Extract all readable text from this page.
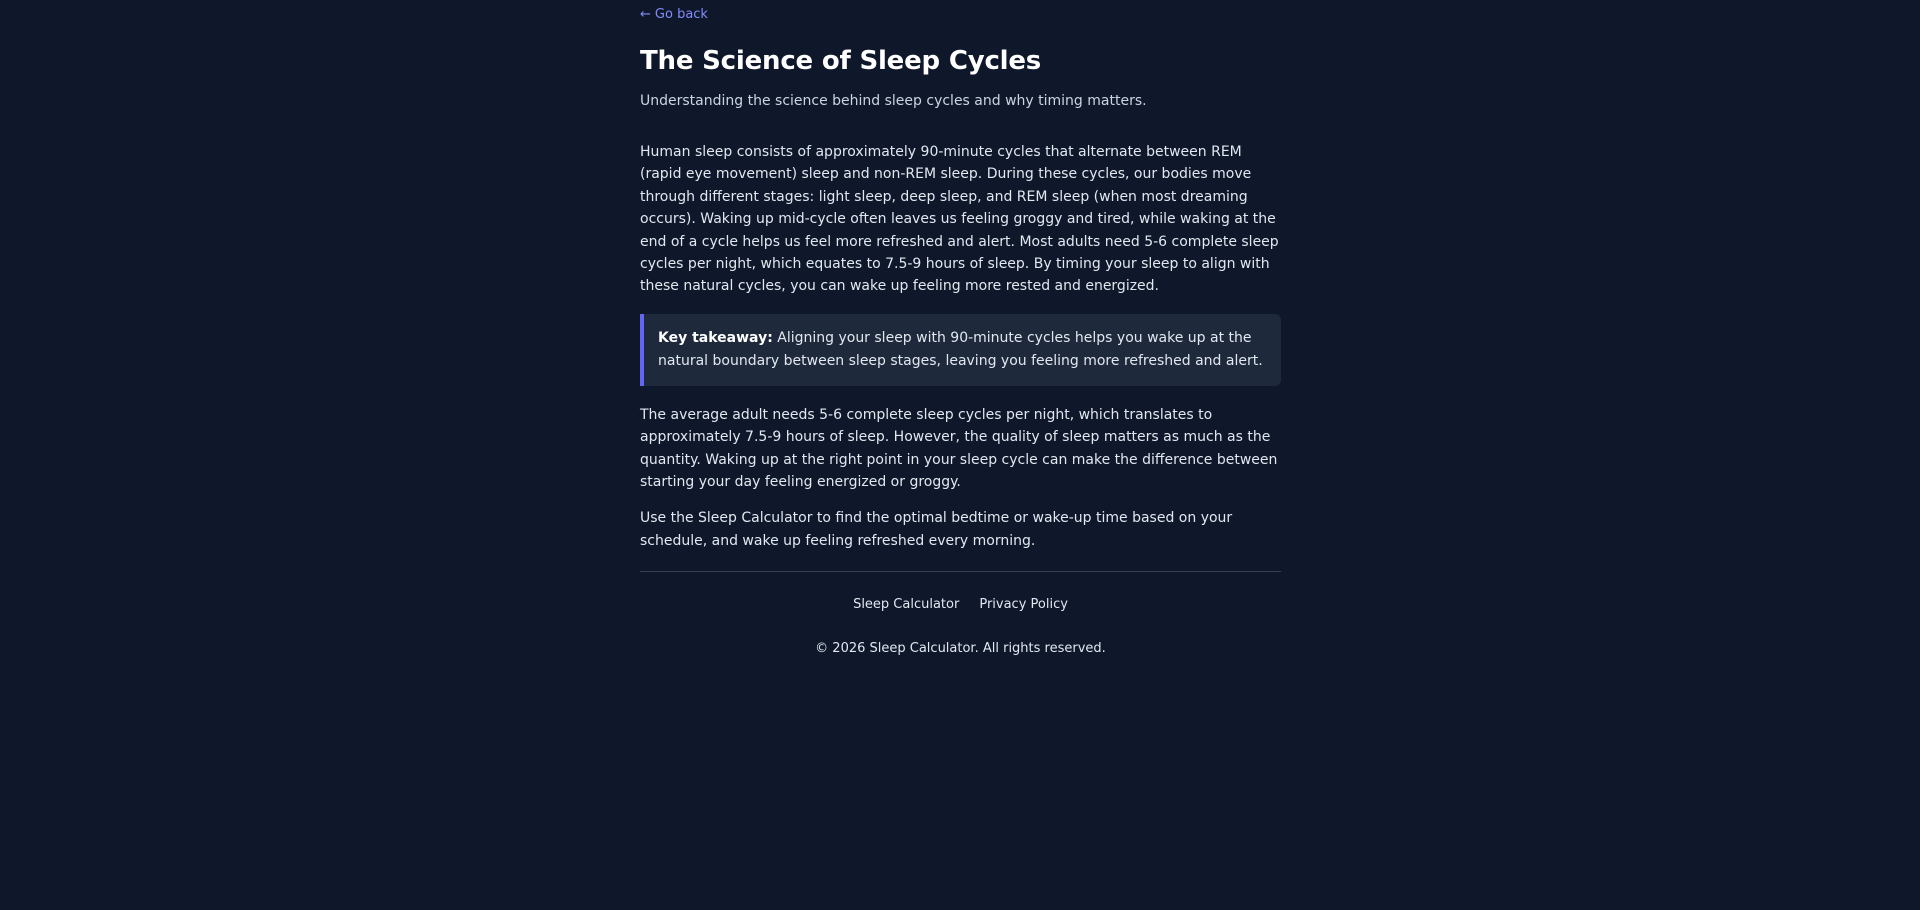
← Go back
The Science of Sleep Cycles

Understanding the science behind sleep cycles and why timing matters.

Human sleep consists of approximately 90-minute cycles that alternate between REM (rapid eye movement) sleep and non-REM sleep. During these cycles, our bodies move through different stages: light sleep, deep sleep, and REM sleep (when most dreaming occurs). Waking up mid-cycle often leaves us feeling groggy and tired, while waking at the end of a cycle helps us feel more refreshed and alert. Most adults need 5-6 complete sleep cycles per night, which equates to 7.5-9 hours of sleep. By timing your sleep to align with these natural cycles, you can wake up feeling more rested and energized.

Key takeaway: Aligning your sleep with 90-minute cycles helps you wake up at the natural boundary between sleep stages, leaving you feeling more refreshed and alert.

The average adult needs 5-6 complete sleep cycles per night, which translates to approximately 7.5-9 hours of sleep. However, the quality of sleep matters as much as the quantity. Waking up at the right point in your sleep cycle can make the difference between starting your day feeling energized or groggy.

Use the Sleep Calculator to find the optimal bedtime or wake-up time based on your schedule, and wake up feeling refreshed every morning.

Sleep Calculator Privacy Policy

© 2026 Sleep Calculator. All rights reserved.
